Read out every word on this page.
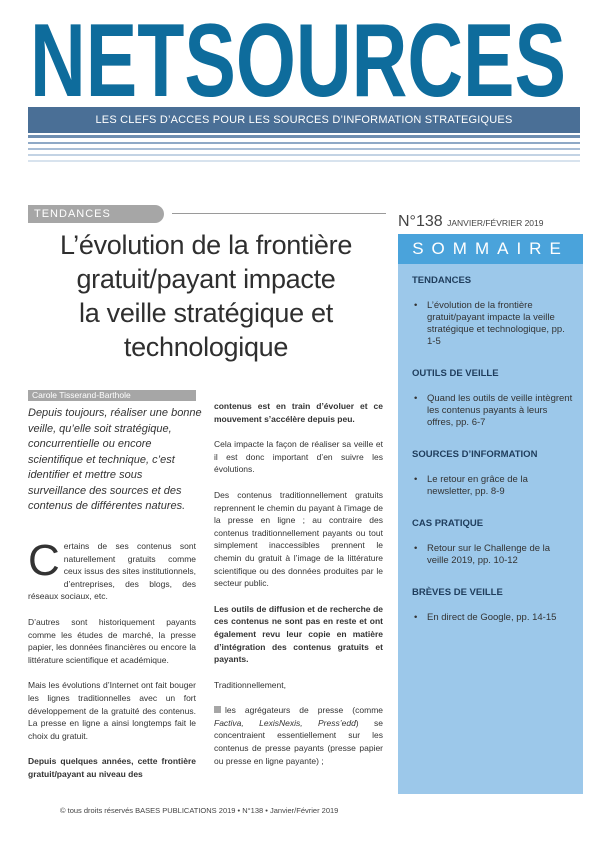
NETSOURCES
LES CLEFS D’ACCES POUR LES SOURCES D’INFORMATION STRATEGIQUES
TENDANCES
L’évolution de la frontière
gratuit/payant impacte
la veille stratégique et
technologique
Carole Tisserand-Barthole
Depuis toujours, réaliser une bonne veille, qu’elle soit stratégique, concurrentielle ou encore scientifique et technique, c’est identifier et mettre sous surveillance des sources et des contenus de différentes natures.

Certains de ses contenus sont naturellement gratuits comme ceux issus des sites institutionnels, d’entreprises, des blogs, des réseaux sociaux, etc.

D’autres sont historiquement payants comme les études de marché, la presse papier, les données financières ou encore la littérature scientifique et académique.

Mais les évolutions d’Internet ont fait bouger les lignes traditionnelles avec un fort développement de la gratuité des contenus. La presse en ligne a ainsi longtemps fait le choix du gratuit.

Depuis quelques années, cette frontière gratuit/payant au niveau des

contenus est en train d’évoluer et ce mouvement s’accélère depuis peu.

Cela impacte la façon de réaliser sa veille et il est donc important d’en suivre les évolutions.

Des contenus traditionnellement gratuits reprennent le chemin du payant à l’image de la presse en ligne ; au contraire des contenus traditionnellement payants ou tout simplement inaccessibles prennent le chemin du gratuit à l’image de la littérature scientifique ou des données produites par le secteur public.

Les outils de diffusion et de recherche de ces contenus ne sont pas en reste et ont également revu leur copie en matière d’intégration des contenus gratuits et payants.

Traditionnellement,

les agrégateurs de presse (comme Factiva, LexisNexis, Press’edd) se concentraient essentiellement sur les contenus de presse payants (presse papier ou presse en ligne payante) ;

N°138 JANVIER/FÉVRIER 2019
SOMMAIRE
TENDANCES
• L’évolution de la frontière gratuit/payant impacte la veille stratégique et technologique, pp. 1-5
OUTILS DE VEILLE
• Quand les outils de veille intègrent les contenus payants à leurs offres, pp. 6-7
SOURCES D’INFORMATION
• Le retour en grâce de la newsletter, pp. 8-9
CAS PRATIQUE
• Retour sur le Challenge de la veille 2019, pp. 10-12
BRÈVES DE VEILLE
• En direct de Google, pp. 14-15
© tous droits réservés BASES PUBLICATIONS 2019 • N°138 • Janvier/Février 2019
